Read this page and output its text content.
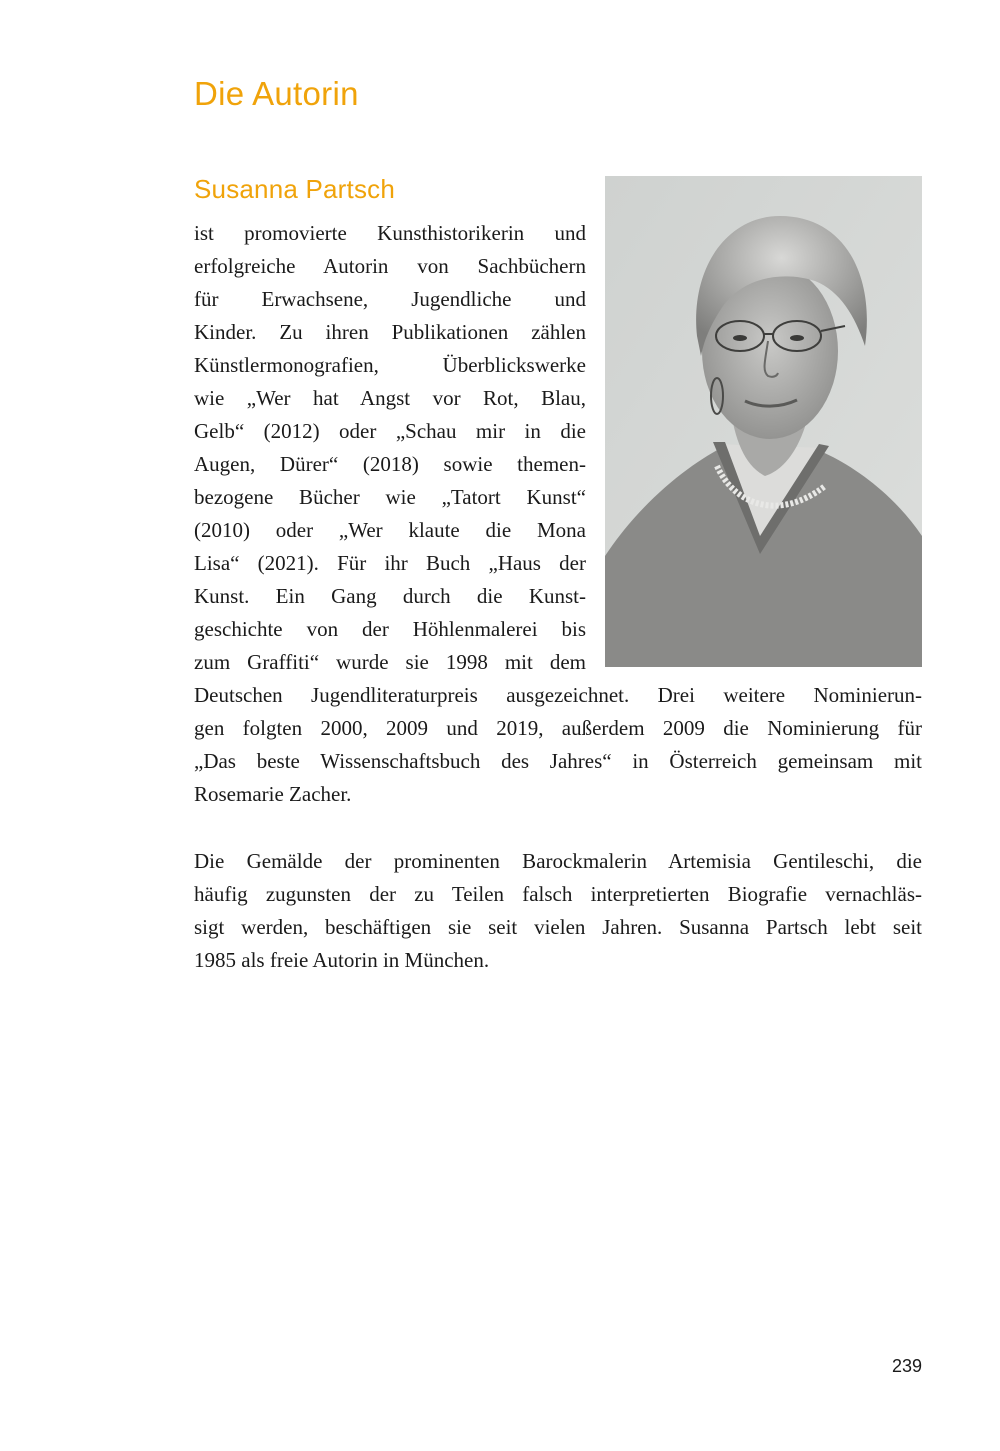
Die Autorin
Susanna Partsch
ist promovierte Kunsthistorikerin und
erfolgreiche Autorin von Sachbüchern
für Erwachsene, Jugendliche und
Kinder. Zu ihren Publikationen zählen
Künstlermonografien, Überblickswerke
wie „Wer hat Angst vor Rot, Blau,
Gelb“ (2012) oder „Schau mir in die
Augen, Dürer“ (2018) sowie themen-
bezogene Bücher wie „Tatort Kunst“
(2010) oder „Wer klaute die Mona
Lisa“ (2021). Für ihr Buch „Haus der
Kunst. Ein Gang durch die Kunst-
geschichte von der Höhlenmalerei bis
zum Graffiti“ wurde sie 1998 mit dem
Deutschen Jugendliteraturpreis ausgezeichnet. Drei weitere Nominierun-
gen folgten 2000, 2009 und 2019, außerdem 2009 die Nominierung für
„Das beste Wissenschaftsbuch des Jahres“ in Österreich gemeinsam mit
Rosemarie Zacher.
Die Gemälde der prominenten Barockmalerin Artemisia Gentileschi, die
häufig zugunsten der zu Teilen falsch interpretierten Biografie vernachläs-
sigt werden, beschäftigen sie seit vielen Jahren. Susanna Partsch lebt seit
1985 als freie Autorin in München.
239
